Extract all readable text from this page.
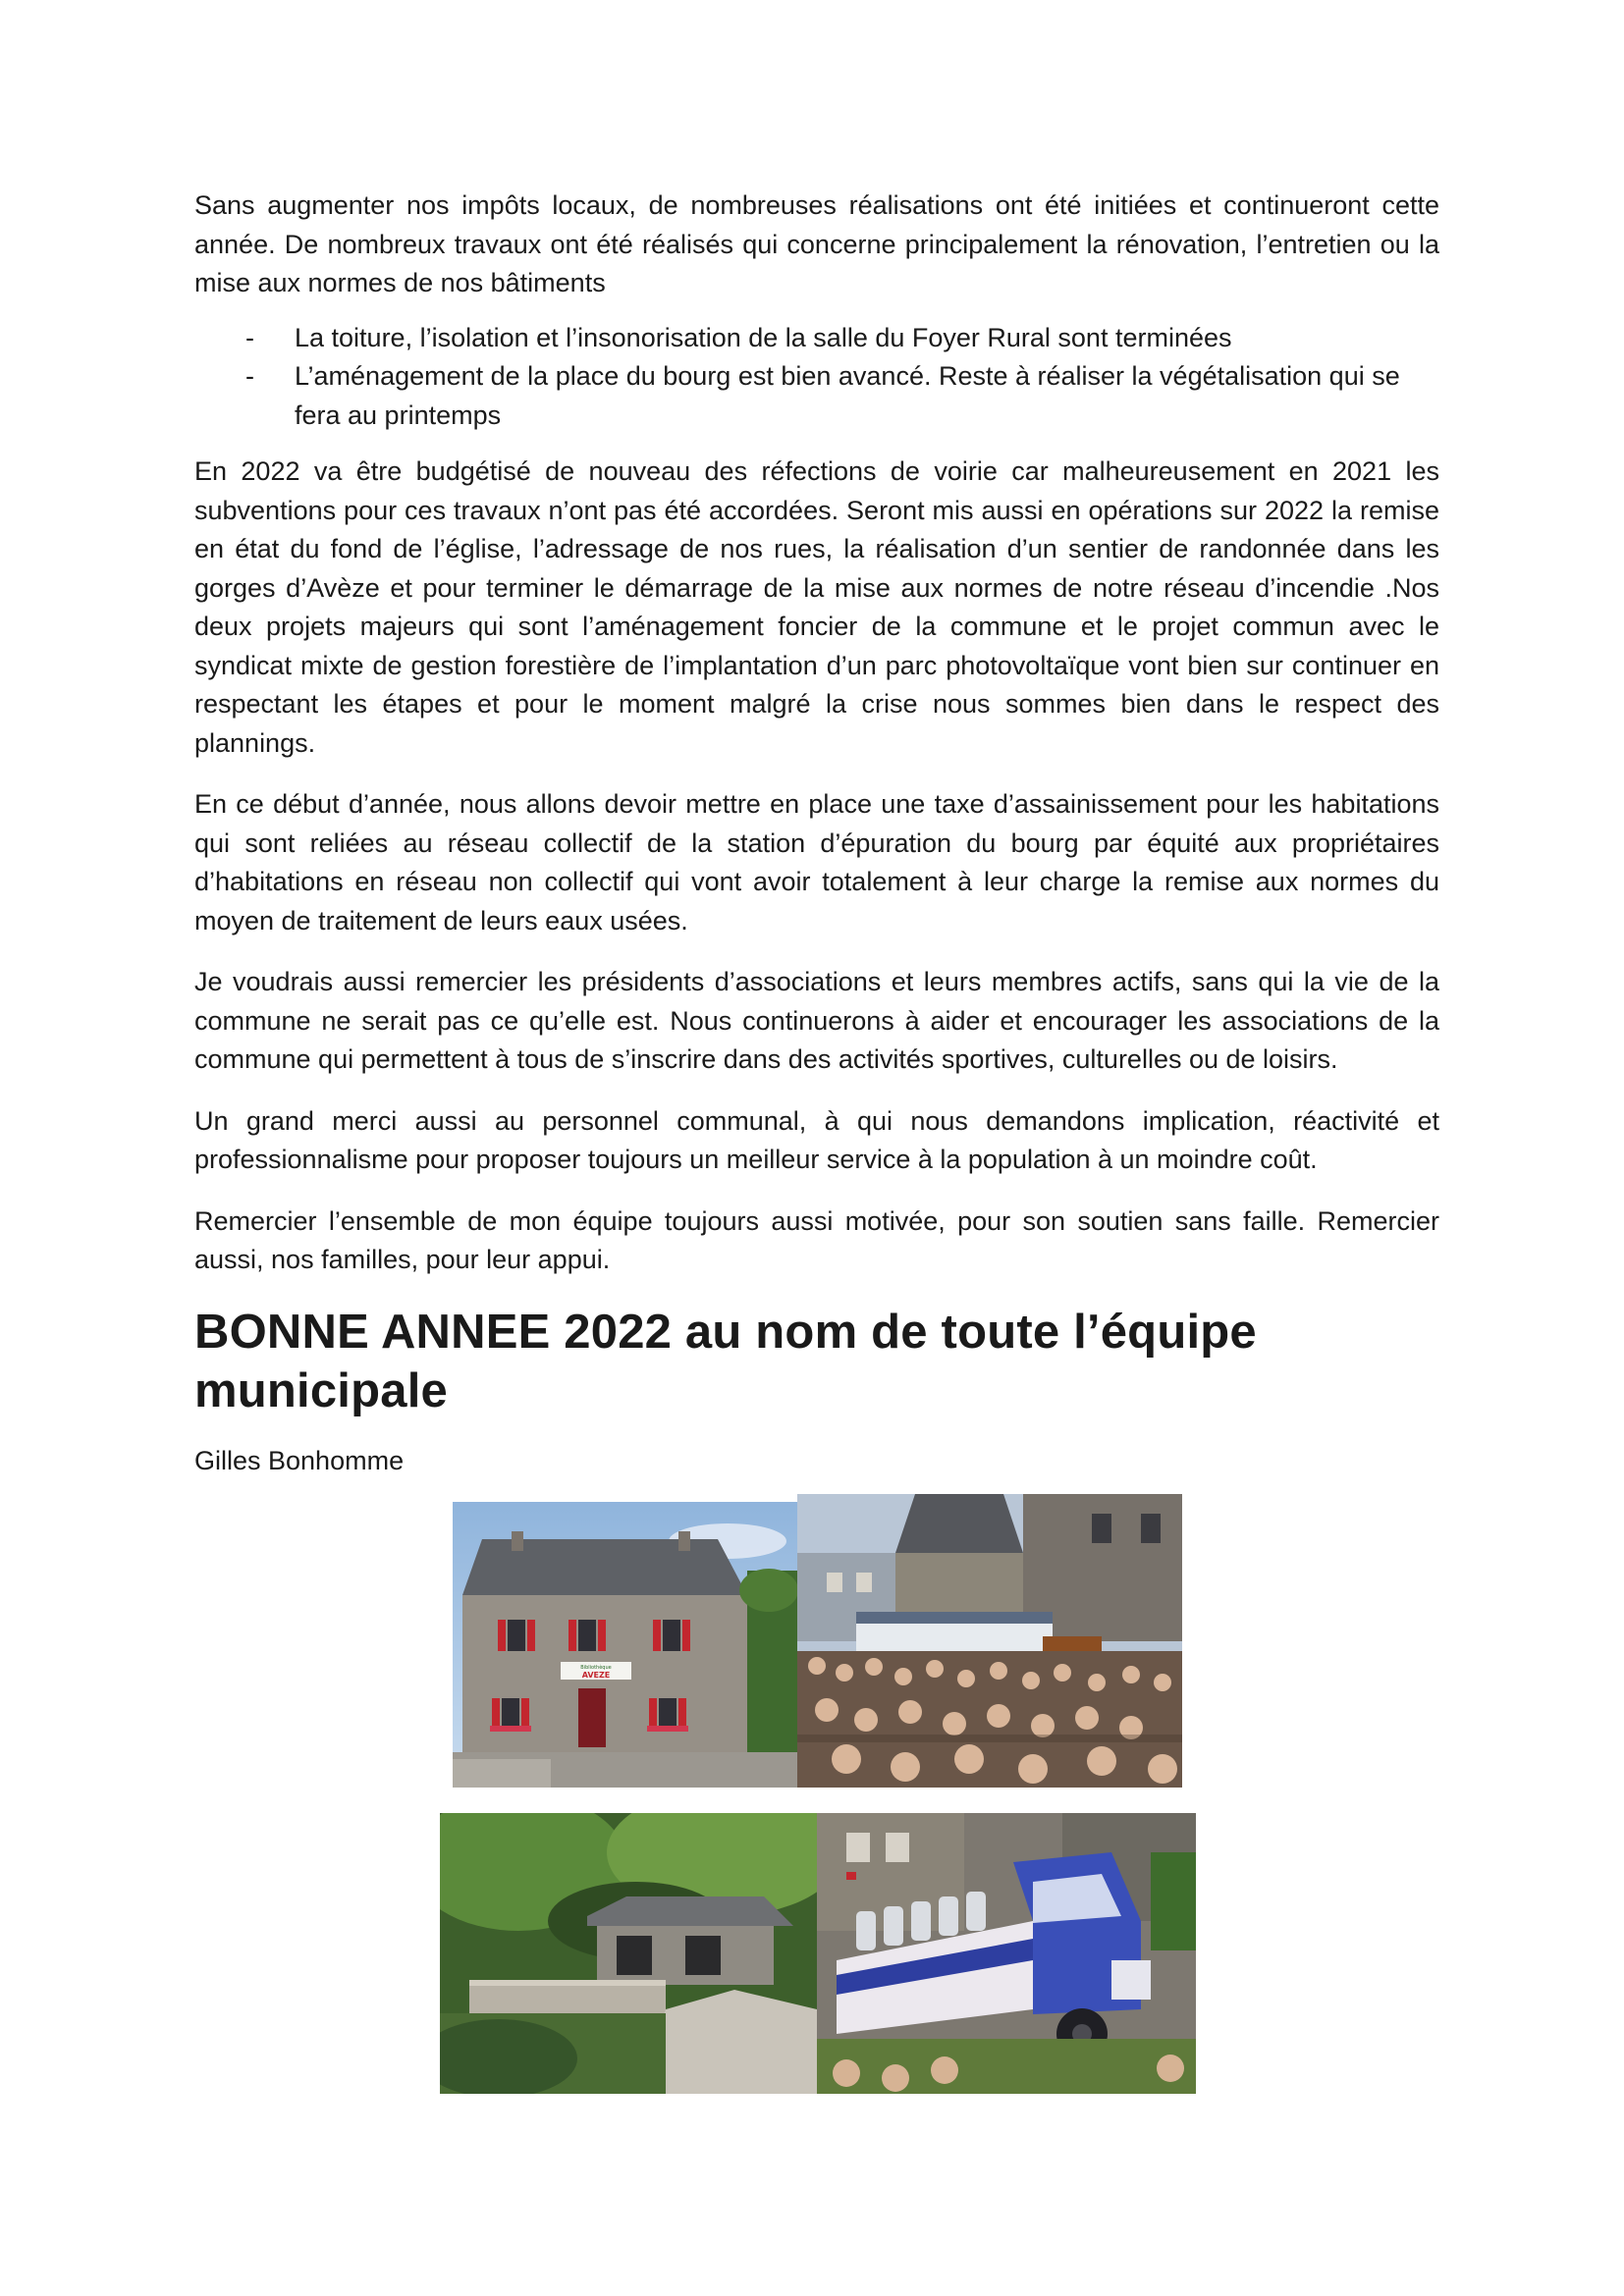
Sans augmenter nos impôts locaux, de nombreuses réalisations ont été initiées et continueront cette année. De nombreux travaux ont été réalisés qui concerne principalement la rénovation, l’entretien ou la mise aux normes de nos bâtiments

- La toiture, l’isolation et l’insonorisation de la salle du Foyer Rural sont terminées
- L’aménagement de la place du bourg est bien avancé. Reste à réaliser la végétalisation qui se fera au printemps

En 2022 va être budgétisé de nouveau des réfections de voirie car malheureusement en 2021 les subventions pour ces travaux n’ont pas été accordées. Seront mis aussi en opérations sur 2022 la remise en état du fond de l’église, l’adressage de nos rues, la réalisation d’un sentier de randonnée dans les gorges d’Avèze et pour terminer le démarrage de la mise aux normes de notre réseau d’incendie .Nos deux projets majeurs qui sont l’aménagement foncier de la commune et le projet commun avec le syndicat mixte de gestion forestière de l’implantation d’un parc photovoltaïque vont bien sur continuer en respectant les étapes et pour le moment malgré la crise nous sommes bien dans le respect des plannings.

En ce début d’année, nous allons devoir mettre en place une taxe d’assainissement pour les habitations qui sont reliées au réseau collectif de la station d’épuration du bourg par équité aux propriétaires d’habitations en réseau non collectif qui vont avoir totalement à leur charge la remise aux normes du moyen de traitement de leurs eaux usées.

Je voudrais aussi remercier les présidents d’associations et leurs membres actifs, sans qui la vie de la commune ne serait pas ce qu’elle est. Nous continuerons à aider et encourager les associations de la commune qui permettent à tous de s’inscrire dans des activités sportives, culturelles ou de loisirs.

Un grand merci aussi au personnel communal, à qui nous demandons implication, réactivité et professionnalisme pour proposer toujours un meilleur service à la population à un moindre coût.

Remercier l’ensemble de mon équipe toujours aussi motivée, pour son soutien sans faille. Remercier aussi, nos familles, pour leur appui.

BONNE ANNEE 2022 au nom de toute l’équipe municipale

Gilles Bonhomme

Bibliothèque
AVEZE
